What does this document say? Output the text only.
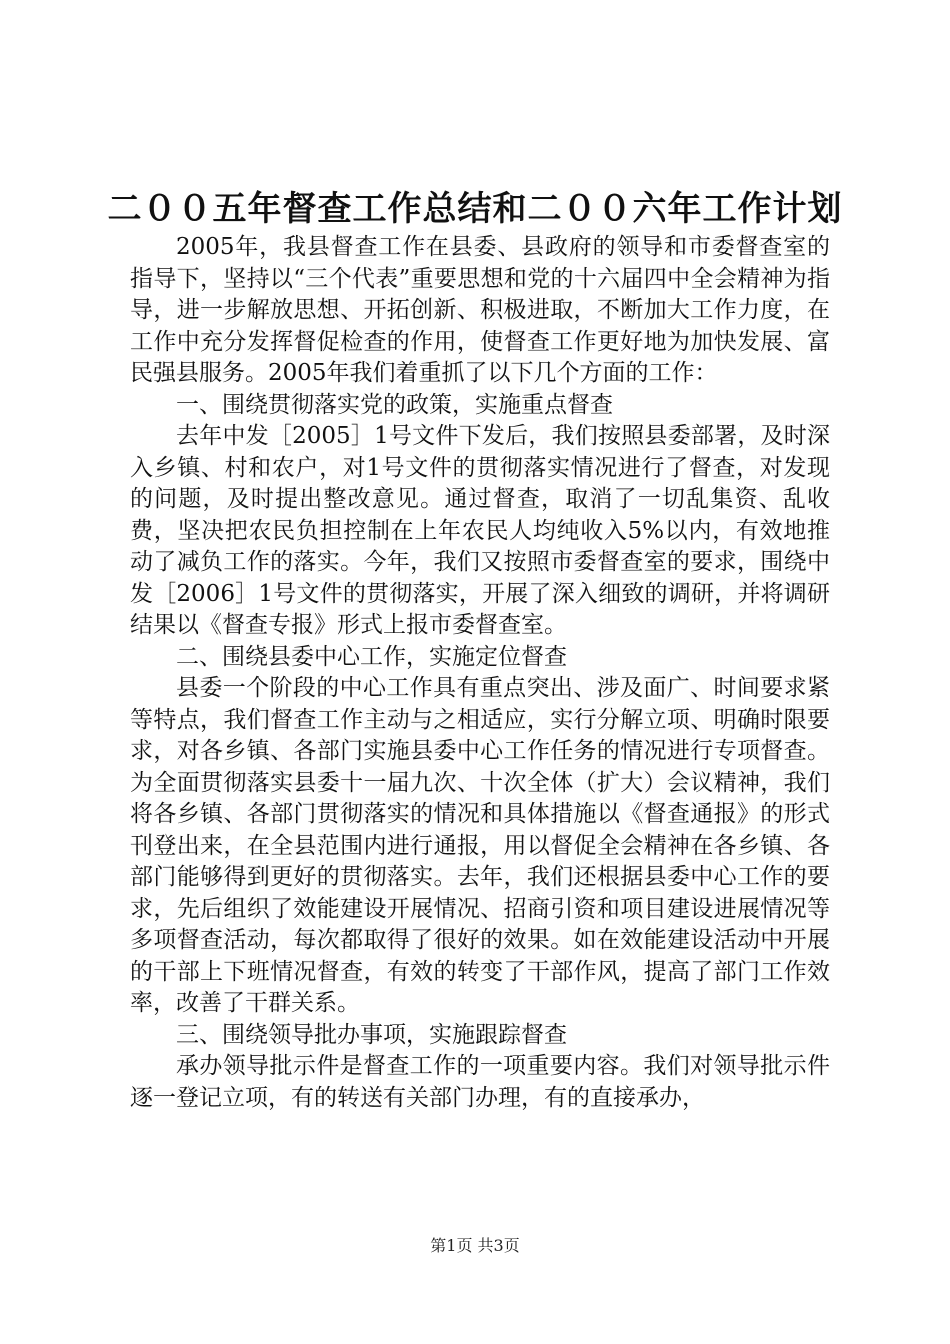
二００五年督查工作总结和二００六年工作计划

2005年，我县督查工作在县委、县政府的领导和市委督查室的指导下，坚持以“三个代表”重要思想和党的十六届四中全会精神为指导，进一步解放思想、开拓创新、积极进取，不断加大工作力度，在工作中充分发挥督促检查的作用，使督查工作更好地为加快发展、富民强县服务。2005年我们着重抓了以下几个方面的工作：

一、围绕贯彻落实党的政策，实施重点督查

去年中发［2005］1号文件下发后，我们按照县委部署，及时深入乡镇、村和农户，对1号文件的贯彻落实情况进行了督查，对发现的问题，及时提出整改意见。通过督查，取消了一切乱集资、乱收费，坚决把农民负担控制在上年农民人均纯收入5%以内，有效地推动了减负工作的落实。今年，我们又按照市委督查室的要求，围绕中发［2006］1号文件的贯彻落实，开展了深入细致的调研，并将调研结果以《督查专报》形式上报市委督查室。

二、围绕县委中心工作，实施定位督查

县委一个阶段的中心工作具有重点突出、涉及面广、时间要求紧等特点，我们督查工作主动与之相适应，实行分解立项、明确时限要求，对各乡镇、各部门实施县委中心工作任务的情况进行专项督查。为全面贯彻落实县委十一届九次、十次全体（扩大）会议精神，我们将各乡镇、各部门贯彻落实的情况和具体措施以《督查通报》的形式刊登出来，在全县范围内进行通报，用以督促全会精神在各乡镇、各部门能够得到更好的贯彻落实。去年，我们还根据县委中心工作的要求，先后组织了效能建设开展情况、招商引资和项目建设进展情况等多项督查活动，每次都取得了很好的效果。如在效能建设活动中开展的干部上下班情况督查，有效的转变了干部作风，提高了部门工作效率，改善了干群关系。

三、围绕领导批办事项，实施跟踪督查

承办领导批示件是督查工作的一项重要内容。我们对领导批示件逐一登记立项，有的转送有关部门办理，有的直接承办，

第1页 共3页
